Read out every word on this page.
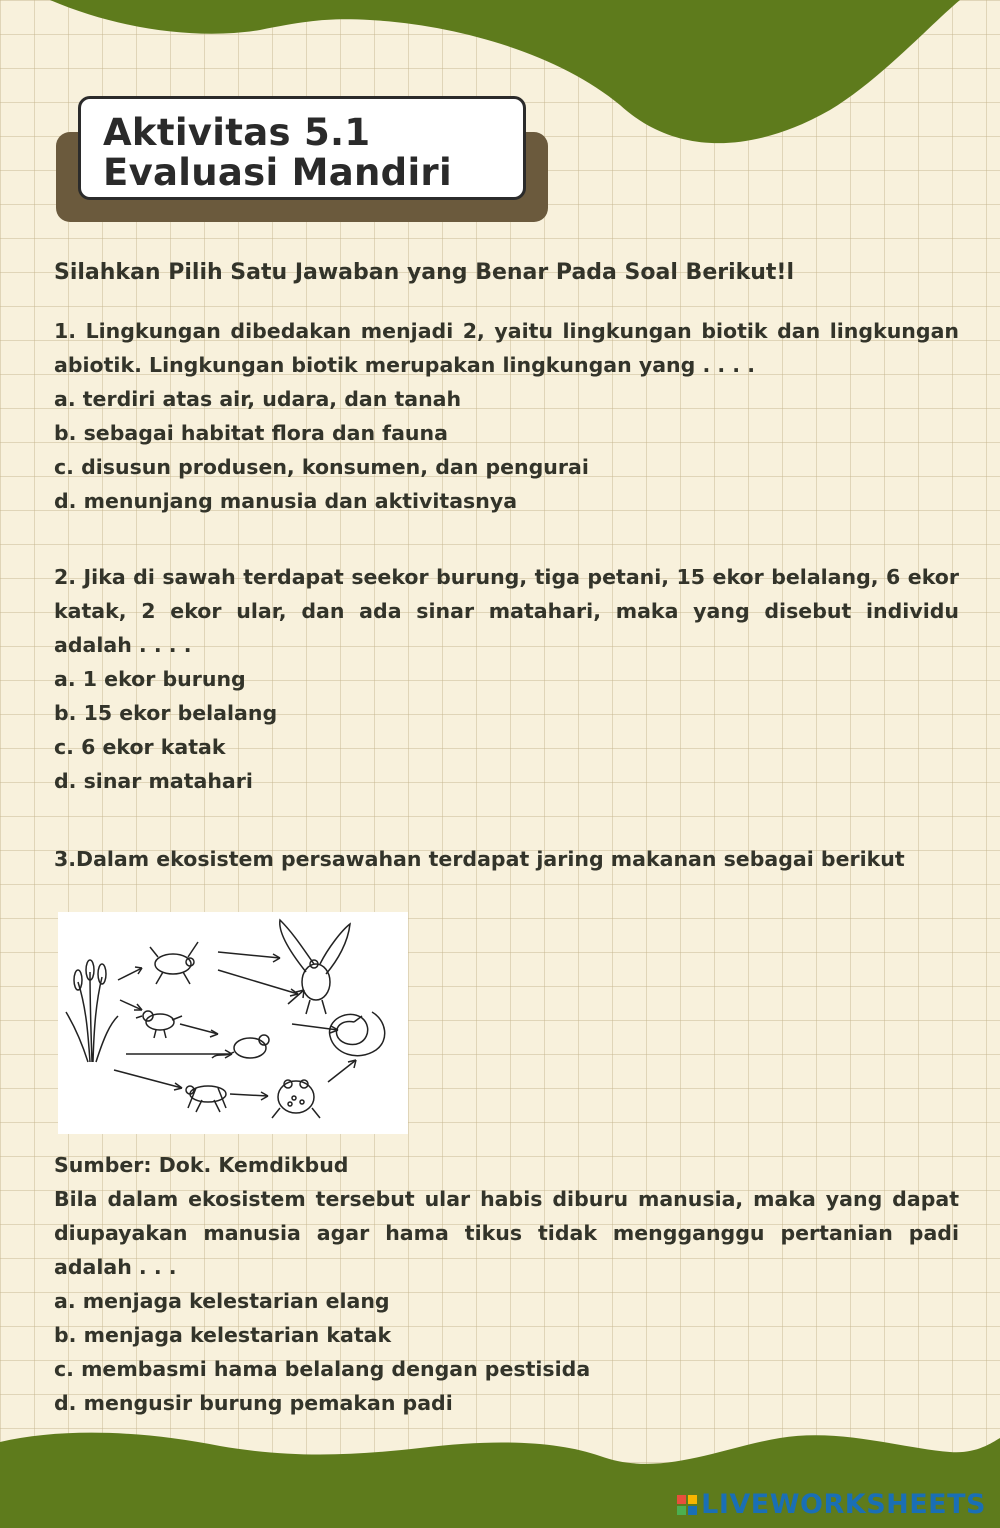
Aktivitas 5.1
Evaluasi Mandiri
Silahkan Pilih Satu Jawaban yang Benar Pada Soal Berikut!l

1. Lingkungan dibedakan menjadi 2, yaitu lingkungan biotik dan lingkungan abiotik. Lingkungan biotik merupakan lingkungan yang . . . .

a. terdiri atas air, udara, dan tanah

b. sebagai habitat flora dan fauna

c. disusun produsen, konsumen, dan pengurai

d. menunjang manusia dan aktivitasnya

2. Jika di sawah terdapat seekor burung, tiga petani, 15 ekor belalang, 6 ekor katak, 2 ekor ular, dan ada sinar matahari, maka yang disebut individu adalah . . . .

a. 1 ekor burung

b. 15 ekor belalang

c. 6 ekor katak

d. sinar matahari

3.Dalam ekosistem persawahan terdapat jaring makanan sebagai berikut

Sumber: Dok. Kemdikbud

Bila dalam ekosistem tersebut ular habis diburu manusia, maka yang dapat diupayakan manusia agar hama tikus tidak mengganggu pertanian padi adalah . . .

a. menjaga kelestarian elang

b. menjaga kelestarian katak

c. membasmi hama belalang dengan pestisida

d. mengusir burung pemakan padi

LIVEWORKSHEETS
